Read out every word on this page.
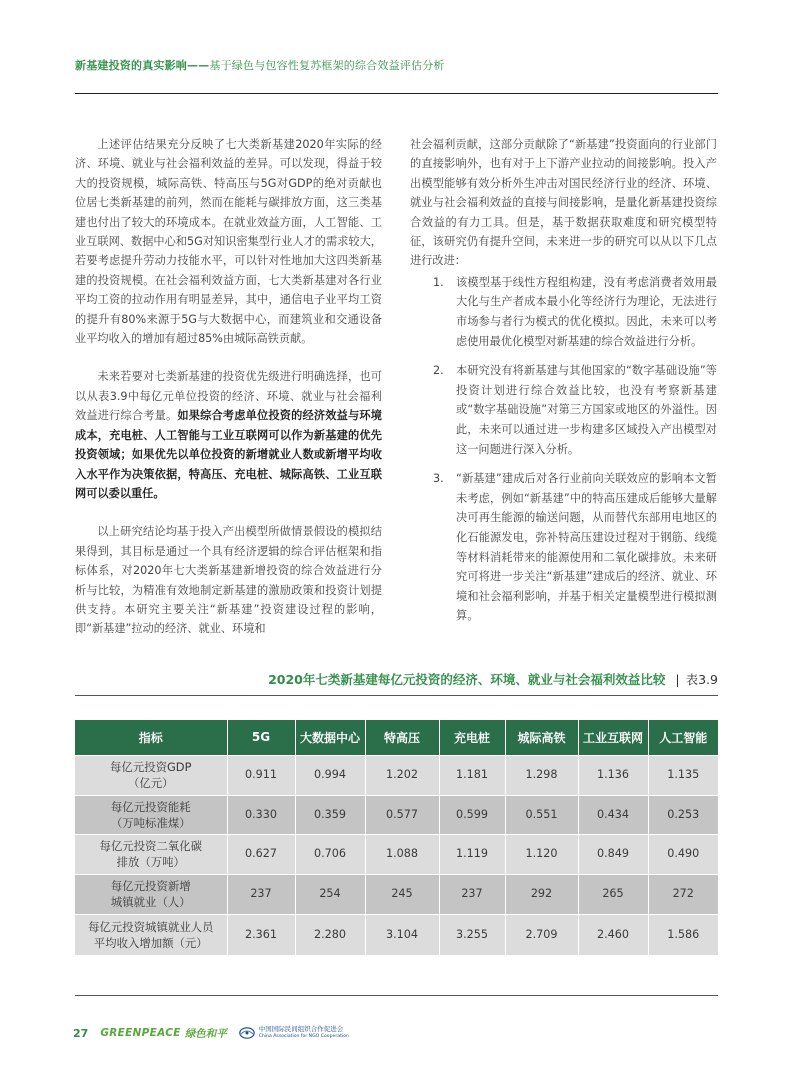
新基建投资的真实影响——基于绿色与包容性复苏框架的综合效益评估分析

上述评估结果充分反映了七大类新基建2020年实际的经济、环境、就业与社会福利效益的差异。可以发现，得益于较大的投资规模，城际高铁、特高压与5G对GDP的绝对贡献也位居七类新基建的前列，然而在能耗与碳排放方面，这三类基建也付出了较大的环境成本。在就业效益方面，人工智能、工业互联网、数据中心和5G对知识密集型行业人才的需求较大，若要考虑提升劳动力技能水平，可以针对性地加大这四类新基建的投资规模。在社会福利效益方面，七大类新基建对各行业平均工资的拉动作用有明显差异，其中，通信电子业平均工资的提升有80%来源于5G与大数据中心，而建筑业和交通设备业平均收入的增加有超过85%由城际高铁贡献。

未来若要对七类新基建的投资优先级进行明确选择，也可以从表3.9中每亿元单位投资的经济、环境、就业与社会福利效益进行综合考量。如果综合考虑单位投资的经济效益与环境成本，充电桩、人工智能与工业互联网可以作为新基建的优先投资领域；如果优先以单位投资的新增就业人数或新增平均收入水平作为决策依据，特高压、充电桩、城际高铁、工业互联网可以委以重任。

以上研究结论均基于投入产出模型所做情景假设的模拟结果得到，其目标是通过一个具有经济逻辑的综合评估框架和指标体系，对2020年七大类新基建新增投资的综合效益进行分析与比较，为精准有效地制定新基建的激励政策和投资计划提供支持。本研究主要关注“新基建”投资建设过程的影响，即“新基建”拉动的经济、就业、环境和

社会福利贡献，这部分贡献除了“新基建”投资面向的行业部门的直接影响外，也有对于上下游产业拉动的间接影响。投入产出模型能够有效分析外生冲击对国民经济行业的经济、环境、就业与社会福利效益的直接与间接影响，是量化新基建投资综合效益的有力工具。但是，基于数据获取难度和研究模型特征，该研究仍有提升空间，未来进一步的研究可以从以下几点进行改进：

1. 该模型基于线性方程组构建，没有考虑消费者效用最大化与生产者成本最小化等经济行为理论，无法进行市场参与者行为模式的优化模拟。因此，未来可以考虑使用最优化模型对新基建的综合效益进行分析。
2. 本研究没有将新基建与其他国家的“数字基础设施”等投资计划进行综合效益比较，也没有考察新基建或“数字基础设施”对第三方国家或地区的外溢性。因此，未来可以通过进一步构建多区域投入产出模型对这一问题进行深入分析。
3. “新基建”建成后对各行业前向关联效应的影响本文暂未考虑，例如“新基建”中的特高压建成后能够大量解决可再生能源的输送问题，从而替代东部用电地区的化石能源发电，弥补特高压建设过程对于钢筋、线缆等材料消耗带来的能源使用和二氧化碳排放。未来研究可将进一步关注“新基建”建成后的经济、就业、环境和社会福利影响，并基于相关定量模型进行模拟测算。
2020年七类新基建每亿元投资的经济、环境、就业与社会福利效益比较 | 表3.9
指标	5G	大数据中心	特高压	充电桩	城际高铁	工业互联网	人工智能
每亿元投资GDP
（亿元）	0.911	0.994	1.202	1.181	1.298	1.136	1.135
每亿元投资能耗
（万吨标准煤）	0.330	0.359	0.577	0.599	0.551	0.434	0.253
每亿元投资二氧化碳
排放（万吨）	0.627	0.706	1.088	1.119	1.120	0.849	0.490
每亿元投资新增
城镇就业（人）	237	254	245	237	292	265	272
每亿元投资城镇就业人员
平均收入增加额（元）	2.361	2.280	3.104	3.255	2.709	2.460	1.586
27 GREENPEACE 绿色和平	中国国际民间组织合作促进会
China Association for NGO Cooperation
